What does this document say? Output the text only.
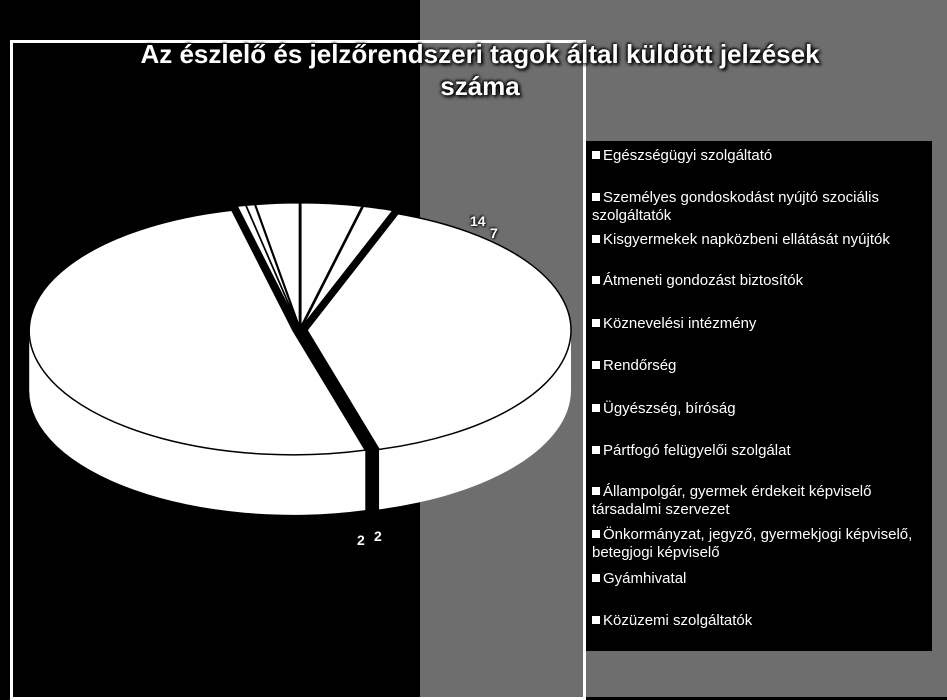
Az észlelő és jelzőrendszeri tagok által küldött jelzések száma
Egészségügyi szolgáltató
Személyes gondoskodást nyújtó szociális szolgáltatók
Kisgyermekek napközbeni ellátását nyújtók
Átmeneti gondozást biztosítók
Köznevelési intézmény
Rendőrség
Ügyészség, bíróság
Pártfogó felügyelői szolgálat
Állampolgár, gyermek érdekeit képviselő társadalmi szervezet
Önkormányzat, jegyző, gyermekjogi képviselő, betegjogi képviselő
Gyámhivatal
Közüzemi szolgáltatók
14
7
2 2
